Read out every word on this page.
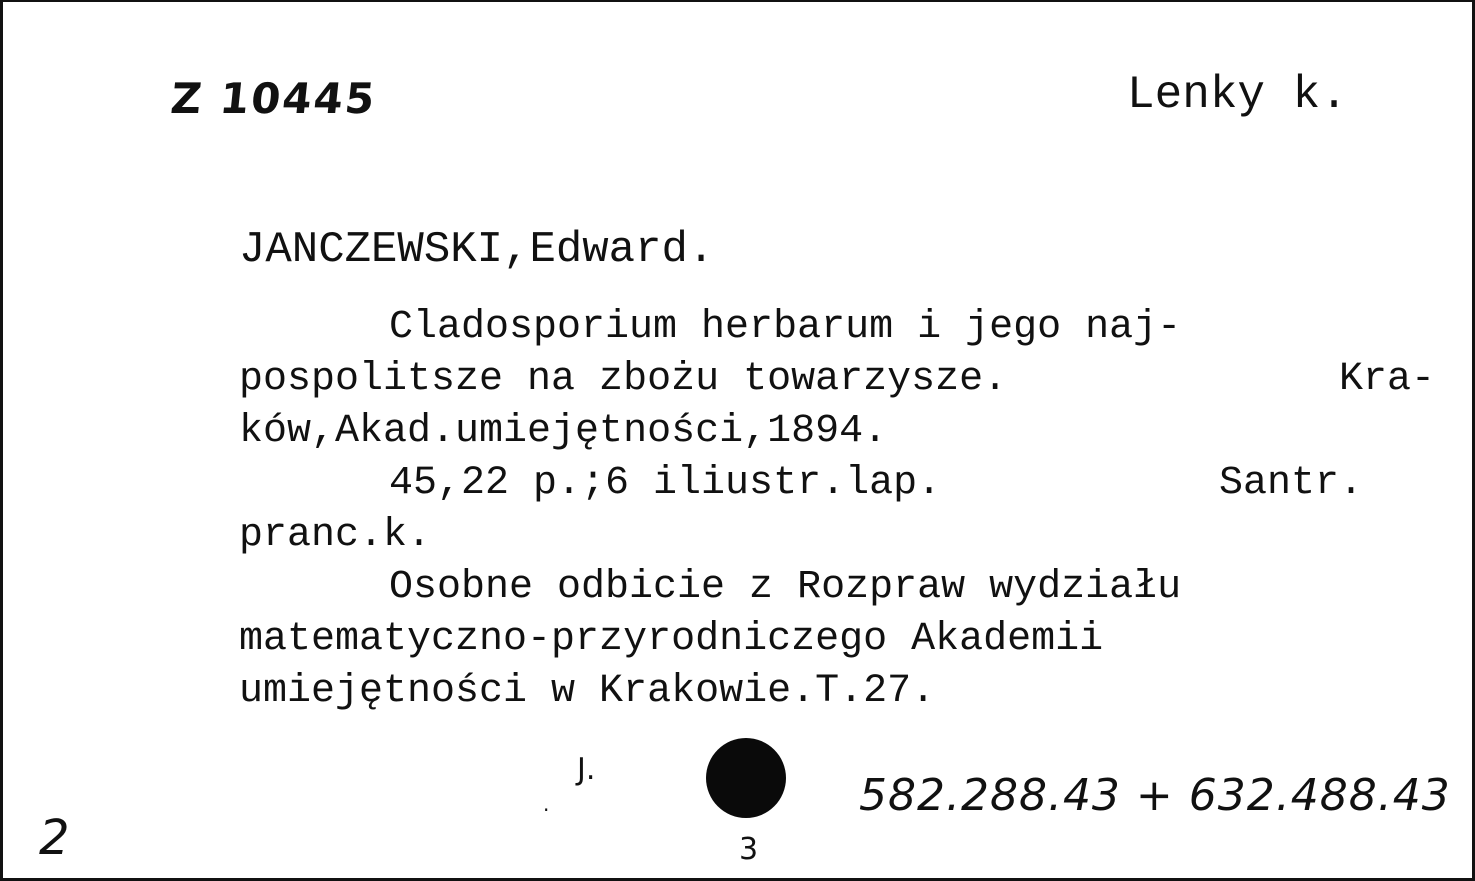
Z 10445	Lenky k.
JANCZEWSKI,Edward.
Cladosporium herbarum i jego naj-
pospolitsze na zbożu towarzysze.	Kra-
ków,Akad.umiejętności,1894.
45,22 p.;6 iliustr.lap.	Santr.
pranc.k.
Osobne odbicie z Rozpraw wydziału
matematyczno-przyrodniczego Akademii
umiejętności w Krakowie.T.27.
J.
.
3
582.288.43 + 632.488.43
2
